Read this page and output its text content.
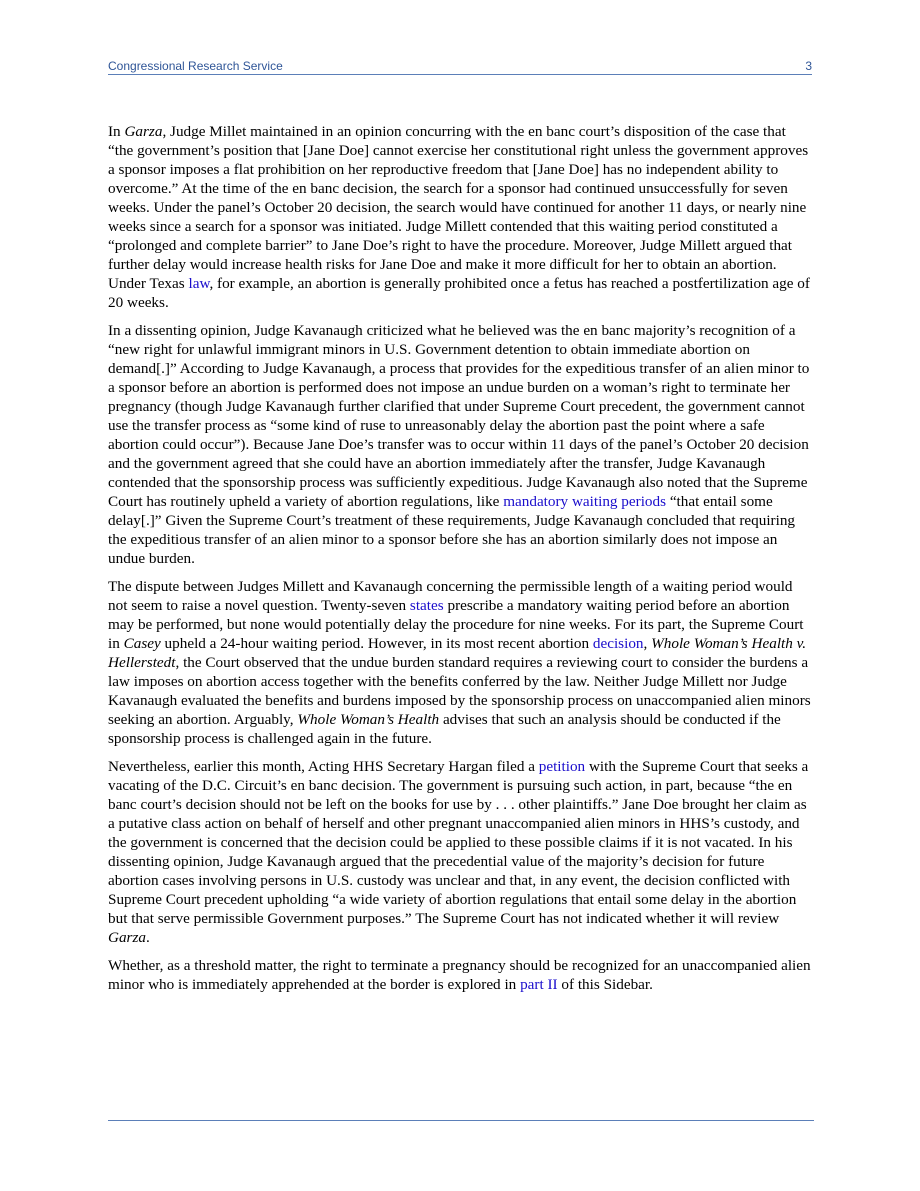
Congressional Research Service	3

In Garza, Judge Millet maintained in an opinion concurring with the en banc court’s disposition of the case that “the government’s position that [Jane Doe] cannot exercise her constitutional right unless the government approves a sponsor imposes a flat prohibition on her reproductive freedom that [Jane Doe] has no independent ability to overcome.” At the time of the en banc decision, the search for a sponsor had continued unsuccessfully for seven weeks. Under the panel’s October 20 decision, the search would have continued for another 11 days, or nearly nine weeks since a search for a sponsor was initiated. Judge Millett contended that this waiting period constituted a “prolonged and complete barrier” to Jane Doe’s right to have the procedure. Moreover, Judge Millett argued that further delay would increase health risks for Jane Doe and make it more difficult for her to obtain an abortion. Under Texas law, for example, an abortion is generally prohibited once a fetus has reached a postfertilization age of 20 weeks.

In a dissenting opinion, Judge Kavanaugh criticized what he believed was the en banc majority’s recognition of a “new right for unlawful immigrant minors in U.S. Government detention to obtain immediate abortion on demand[.]” According to Judge Kavanaugh, a process that provides for the expeditious transfer of an alien minor to a sponsor before an abortion is performed does not impose an undue burden on a woman’s right to terminate her pregnancy (though Judge Kavanaugh further clarified that under Supreme Court precedent, the government cannot use the transfer process as “some kind of ruse to unreasonably delay the abortion past the point where a safe abortion could occur”). Because Jane Doe’s transfer was to occur within 11 days of the panel’s October 20 decision and the government agreed that she could have an abortion immediately after the transfer, Judge Kavanaugh contended that the sponsorship process was sufficiently expeditious. Judge Kavanaugh also noted that the Supreme Court has routinely upheld a variety of abortion regulations, like mandatory waiting periods “that entail some delay[.]” Given the Supreme Court’s treatment of these requirements, Judge Kavanaugh concluded that requiring the expeditious transfer of an alien minor to a sponsor before she has an abortion similarly does not impose an undue burden.

The dispute between Judges Millett and Kavanaugh concerning the permissible length of a waiting period would not seem to raise a novel question. Twenty-seven states prescribe a mandatory waiting period before an abortion may be performed, but none would potentially delay the procedure for nine weeks. For its part, the Supreme Court in Casey upheld a 24-hour waiting period. However, in its most recent abortion decision, Whole Woman’s Health v. Hellerstedt, the Court observed that the undue burden standard requires a reviewing court to consider the burdens a law imposes on abortion access together with the benefits conferred by the law. Neither Judge Millett nor Judge Kavanaugh evaluated the benefits and burdens imposed by the sponsorship process on unaccompanied alien minors seeking an abortion. Arguably, Whole Woman’s Health advises that such an analysis should be conducted if the sponsorship process is challenged again in the future.

Nevertheless, earlier this month, Acting HHS Secretary Hargan filed a petition with the Supreme Court that seeks a vacating of the D.C. Circuit’s en banc decision. The government is pursuing such action, in part, because “the en banc court’s decision should not be left on the books for use by . . . other plaintiffs.” Jane Doe brought her claim as a putative class action on behalf of herself and other pregnant unaccompanied alien minors in HHS’s custody, and the government is concerned that the decision could be applied to these possible claims if it is not vacated. In his dissenting opinion, Judge Kavanaugh argued that the precedential value of the majority’s decision for future abortion cases involving persons in U.S. custody was unclear and that, in any event, the decision conflicted with Supreme Court precedent upholding “a wide variety of abortion regulations that entail some delay in the abortion but that serve permissible Government purposes.” The Supreme Court has not indicated whether it will review Garza.

Whether, as a threshold matter, the right to terminate a pregnancy should be recognized for an unaccompanied alien minor who is immediately apprehended at the border is explored in part II of this Sidebar.
